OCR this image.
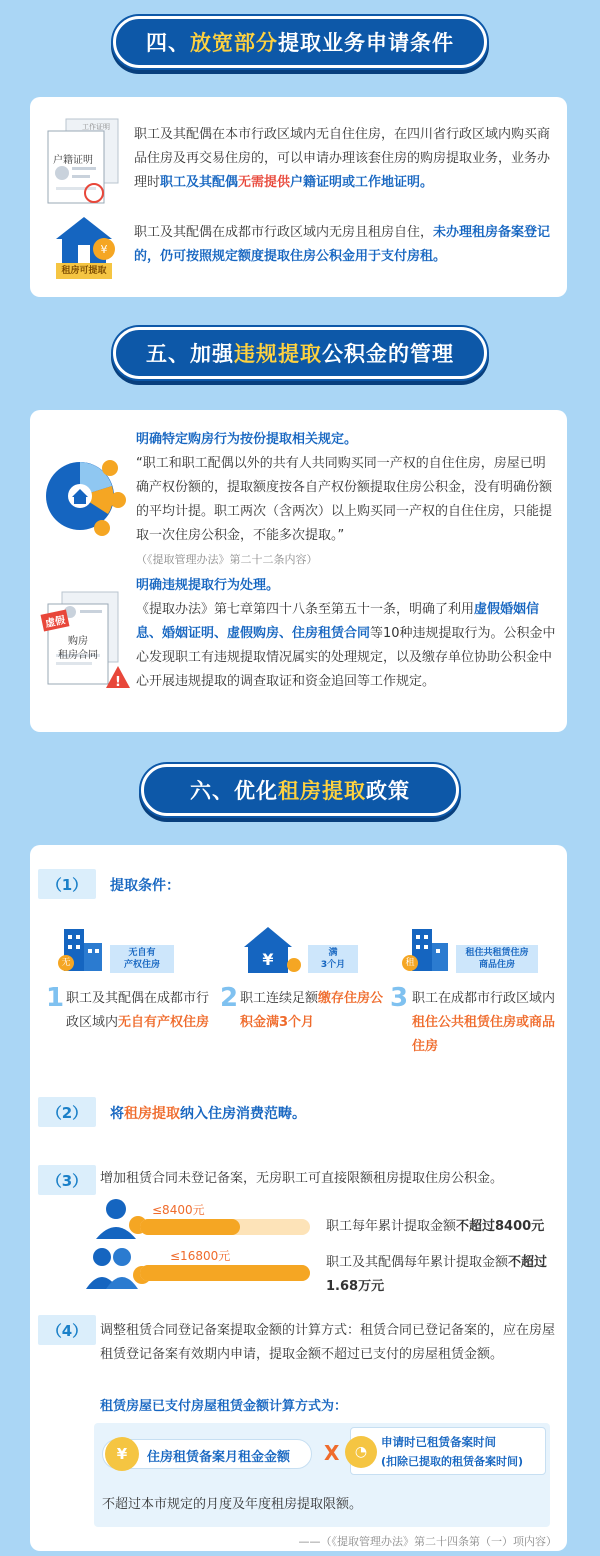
四、 放宽部分 提取业务申请条件
户籍证明
工作证明 职工及其配偶在本市行政区域内无自住住房，在四川省行政区域内购买商品住房及再交易住房的，可以申请办理该套住房的购房提取业务，业务办理时职工及其配偶无需提供户籍证明或工作地证明。
¥
租房可提取
职工及其配偶在成都市行政区域内无房且租房自住，未办理租房备案登记的，仍可按照规定额度提取住房公积金用于支付房租。
五、加强 违规提取 公积金的管理
明确特定购房行为按份提取相关规定。
“职工和职工配偶以外的共有人共同购买同一产权的自住住房，房屋已明确产权份额的，提取额度按各自产权份额提取住房公积金，没有明确份额的平均计提。职工两次（含两次）以上购买同一产权的自住住房，只能提取一次住房公积金，不能多次提取。”
（《提取管理办法》第二十二条内容）
!
虚假
购房
租房合同
明确违规提取行为处理。
《提取办法》第七章第四十八条至第五十一条，明确了利用虚假婚姻信息、婚姻证明、虚假购房、住房租赁合同等10种违规提取行为。公积金中心发现职工有违规提取情况属实的处理规定，以及缴存单位协助公积金中心开展违规提取的调查取证和资金追回等工作规定。
六、优化 租房提取 政策
（1）	提取条件：
无
无自有
产权住房
1 职工及其配偶在成都市行政区域内无自有产权住房
¥	满
3个月
2 职工连续足额缴存住房公积金满3个月
租
租住共租赁住房
商品住房
3 职工在成都市行政区域内租住公共租赁住房或商品住房
（2）	将租房提取纳入住房消费范畴。
（3） 增加租赁合同未登记备案，无房职工可直接限额租房提取住房公积金。
≤8400元
职工每年累计提取金额不超过8400元
≤16800元	职工及其配偶每年累计提取金额不超过1.68万元
（4） 调整租赁合同登记备案提取金额的计算方式：租赁合同已登记备案的，应在房屋租赁登记备案有效期内申请，提取金额不超过已支付的房屋租赁金额。
租赁房屋已支付房屋租赁金额计算方式为：
¥	住房租赁备案月租金金额 X	◔
申请时已租赁备案时间
(扣除已提取的租赁备案时间)
不超过本市规定的月度及年度租房提取限额。
——（《提取管理办法》第二十四条第（一）项内容）
